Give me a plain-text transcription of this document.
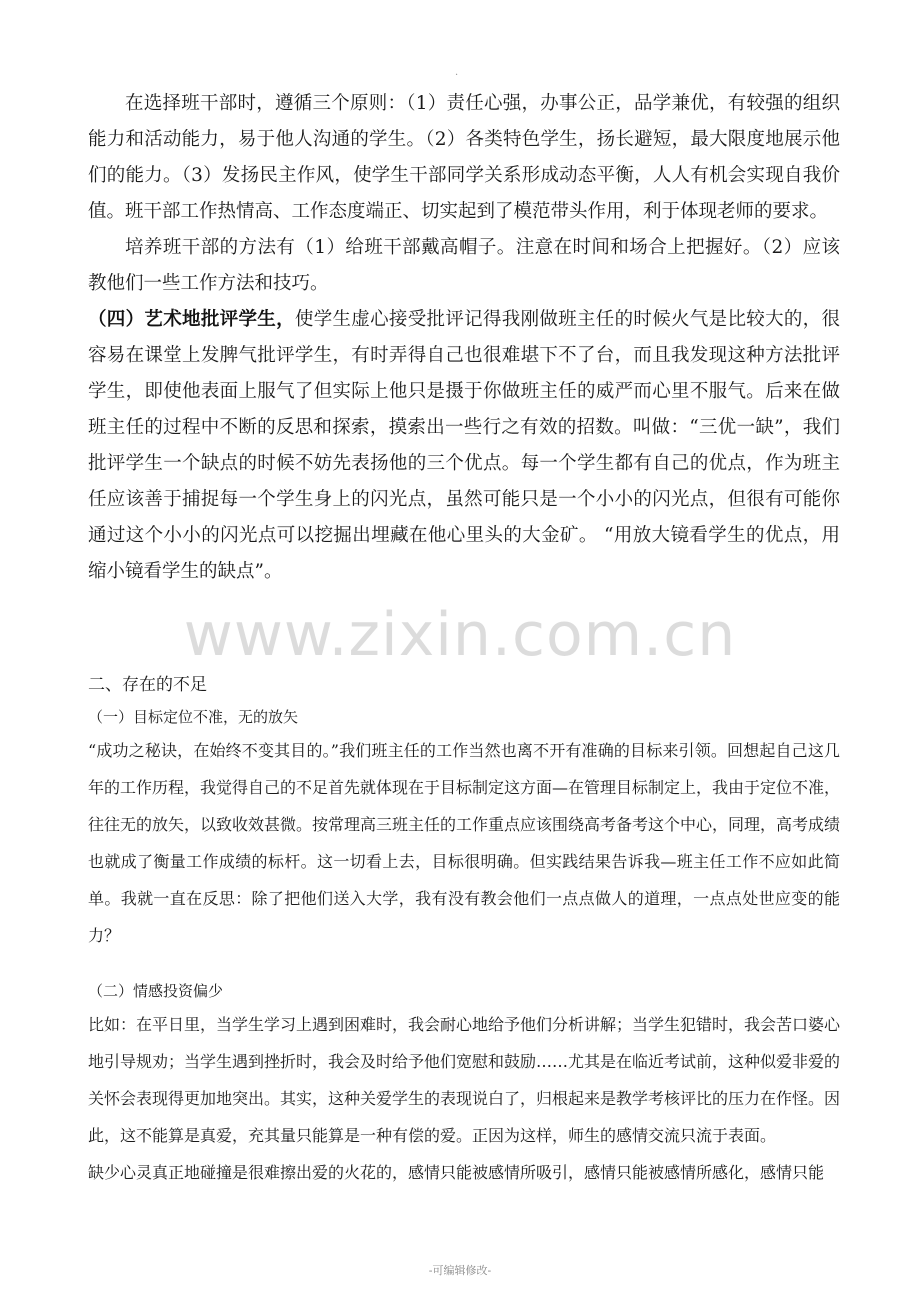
·

在选择班干部时，遵循三个原则：（1）责任心强，办事公正，品学兼优，有较强的组织能力和活动能力，易于他人沟通的学生。（2）各类特色学生，扬长避短，最大限度地展示他们的能力。（3）发扬民主作风，使学生干部同学关系形成动态平衡，人人有机会实现自我价值。班干部工作热情高、工作态度端正、切实起到了模范带头作用，利于体现老师的要求。

培养班干部的方法有（1）给班干部戴高帽子。注意在时间和场合上把握好。（2）应该教他们一些工作方法和技巧。

（四）艺术地批评学生，使学生虚心接受批评记得我刚做班主任的时候火气是比较大的，很容易在课堂上发脾气批评学生，有时弄得自己也很难堪下不了台，而且我发现这种方法批评学生，即使他表面上服气了但实际上他只是摄于你做班主任的威严而心里不服气。后来在做班主任的过程中不断的反思和探索，摸索出一些行之有效的招数。叫做：“三优一缺”，我们批评学生一个缺点的时候不妨先表扬他的三个优点。每一个学生都有自己的优点，作为班主任应该善于捕捉每一个学生身上的闪光点，虽然可能只是一个小小的闪光点，但很有可能你通过这个小小的闪光点可以挖掘出埋藏在他心里头的大金矿。 “用放大镜看学生的优点，用缩小镜看学生的缺点”。

www.zixin.com.cn

二、存在的不足

（一）目标定位不准，无的放矢

“成功之秘诀，在始终不变其目的。”我们班主任的工作当然也离不开有准确的目标来引领。回想起自己这几年的工作历程，我觉得自己的不足首先就体现在于目标制定这方面—在管理目标制定上，我由于定位不准，往往无的放矢，以致收效甚微。按常理高三班主任的工作重点应该围绕高考备考这个中心，同理，高考成绩也就成了衡量工作成绩的标杆。这一切看上去，目标很明确。但实践结果告诉我—班主任工作不应如此简单。我就一直在反思：除了把他们送入大学，我有没有教会他们一点点做人的道理，一点点处世应变的能力？

（二）情感投资偏少

比如：在平日里，当学生学习上遇到困难时，我会耐心地给予他们分析讲解；当学生犯错时，我会苦口婆心地引导规劝；当学生遇到挫折时，我会及时给予他们宽慰和鼓励……尤其是在临近考试前，这种似爱非爱的关怀会表现得更加地突出。其实，这种关爱学生的表现说白了，归根起来是教学考核评比的压力在作怪。因此，这不能算是真爱，充其量只能算是一种有偿的爱。正因为这样，师生的感情交流只流于表面。

缺少心灵真正地碰撞是很难擦出爱的火花的，感情只能被感情所吸引，感情只能被感情所感化，感情只能

-可编辑修改-
